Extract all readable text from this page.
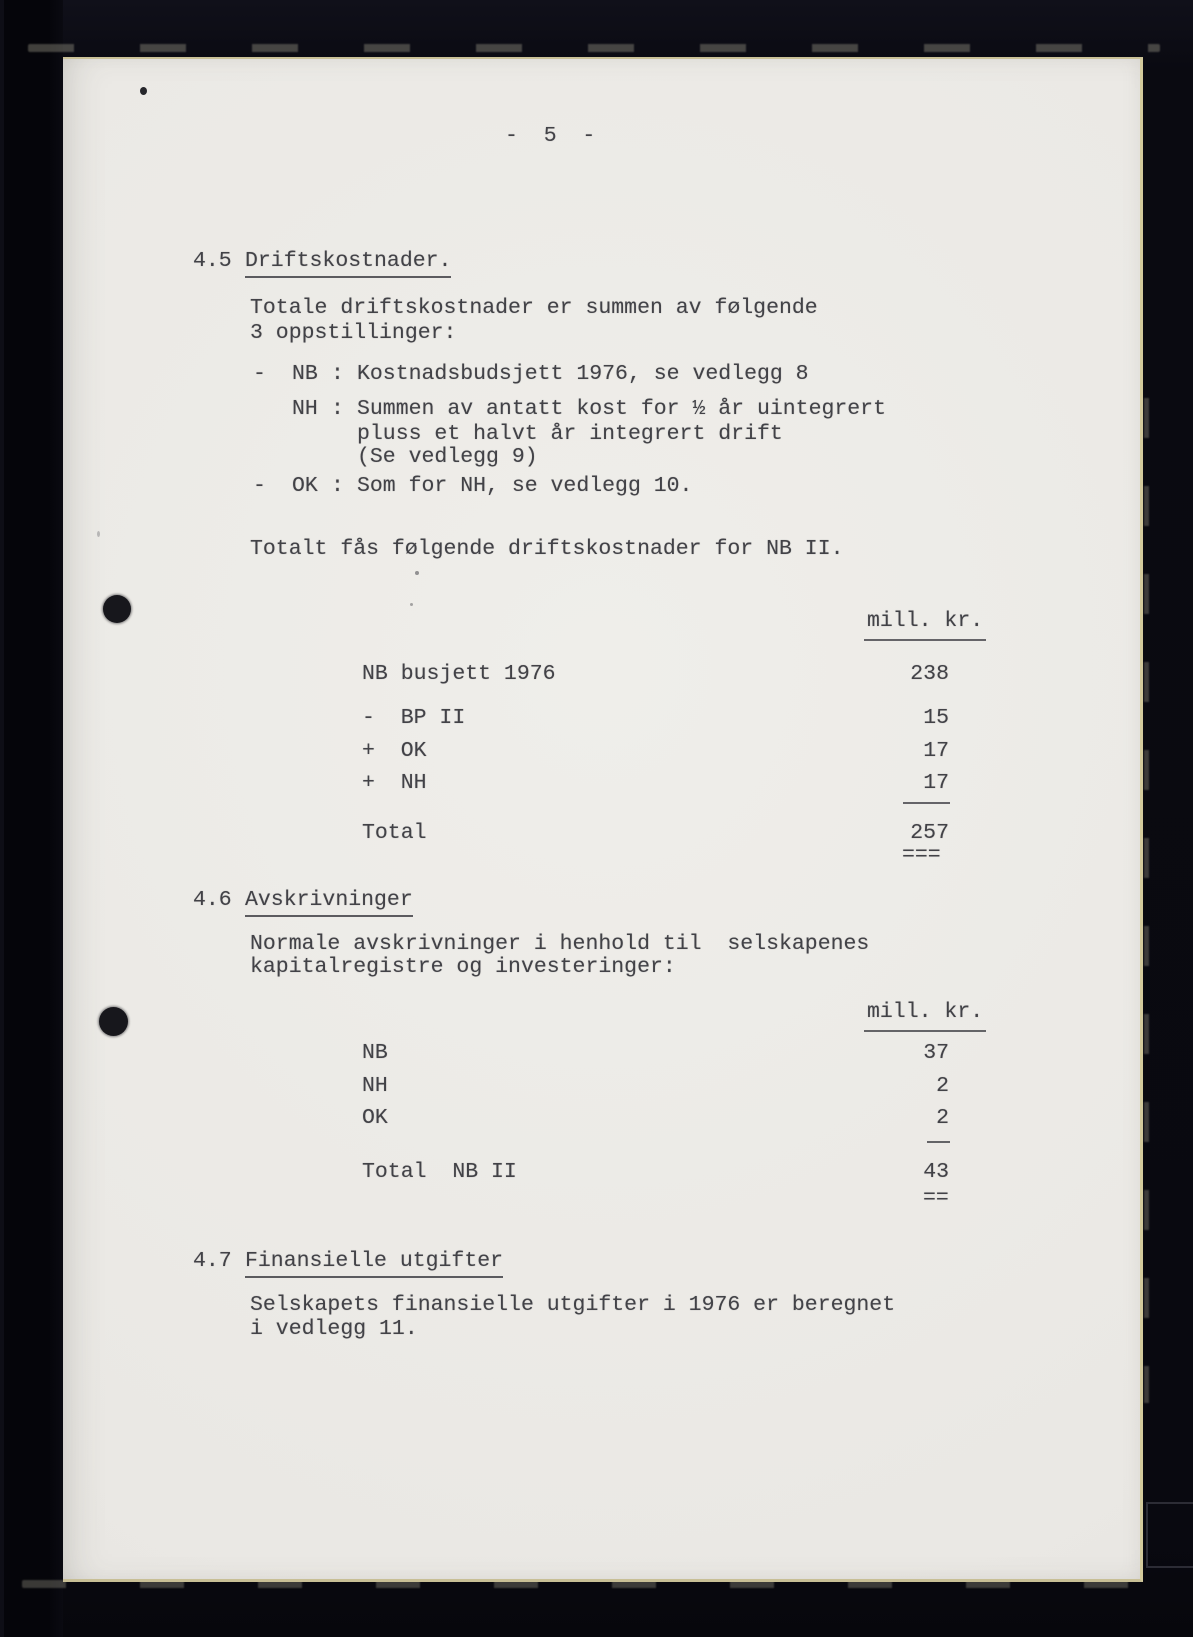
-  5  -
4.5 Driftskostnader.
Totale driftskostnader er summen av følgende
3 oppstillinger:
- NB : Kostnadsbudsjett 1976, se vedlegg 8
NH : Summen av antatt kost for ½ år uintegrert
pluss et halvt år integrert drift
(Se vedlegg 9)
- OK : Som for NH, se vedlegg 10.
Totalt fås følgende driftskostnader for NB II.
mill. kr.
NB busjett 1976	238
-  BP II	15
+  OK	17
+  NH	17
Total	257
===
4.6 Avskrivninger
Normale avskrivninger i henhold til  selskapenes
kapitalregistre og investeringer:
mill. kr.
NB	37
NH	2
OK	2
Total  NB II	43
==
4.7 Finansielle utgifter
Selskapets finansielle utgifter i 1976 er beregnet
i vedlegg 11.
